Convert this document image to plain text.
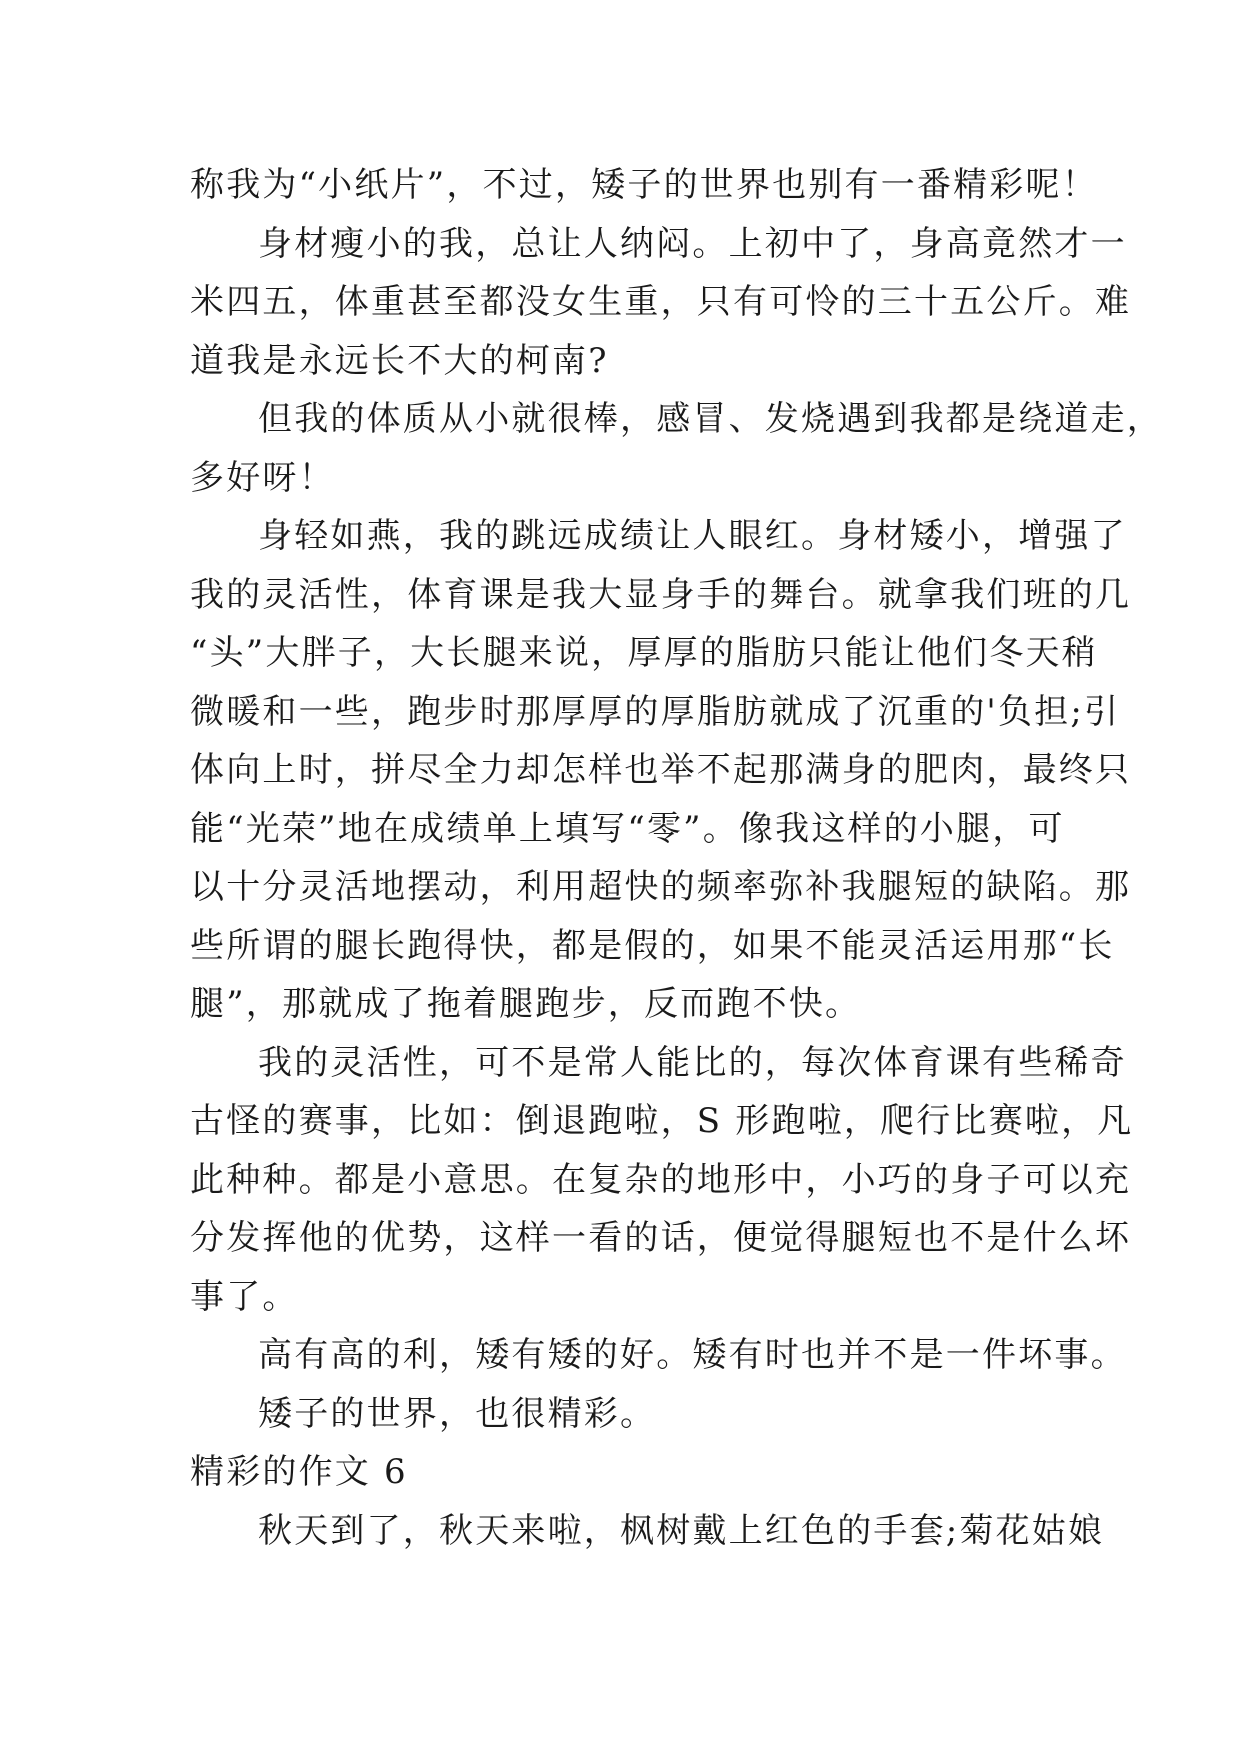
称我为“小纸片”，不过，矮子的世界也别有一番精彩呢！
身材瘦小的我，总让人纳闷。上初中了，身高竟然才一
米四五，体重甚至都没女生重，只有可怜的三十五公斤。难
道我是永远长不大的柯南?
但我的体质从小就很棒，感冒、发烧遇到我都是绕道走，
多好呀！
身轻如燕，我的跳远成绩让人眼红。身材矮小，增强了
我的灵活性，体育课是我大显身手的舞台。就拿我们班的几
“头”大胖子，大长腿来说，厚厚的脂肪只能让他们冬天稍
微暖和一些，跑步时那厚厚的厚脂肪就成了沉重的'负担;引
体向上时，拼尽全力却怎样也举不起那满身的肥肉，最终只
能“光荣”地在成绩单上填写“零”。像我这样的小腿，可
以十分灵活地摆动，利用超快的频率弥补我腿短的缺陷。那
些所谓的腿长跑得快，都是假的，如果不能灵活运用那“长
腿”，那就成了拖着腿跑步，反而跑不快。
我的灵活性，可不是常人能比的，每次体育课有些稀奇
古怪的赛事，比如：倒退跑啦，S 形跑啦，爬行比赛啦，凡
此种种。都是小意思。在复杂的地形中，小巧的身子可以充
分发挥他的优势，这样一看的话，便觉得腿短也不是什么坏
事了。
高有高的利，矮有矮的好。矮有时也并不是一件坏事。
矮子的世界，也很精彩。
精彩的作文 6
秋天到了，秋天来啦，枫树戴上红色的手套;菊花姑娘
